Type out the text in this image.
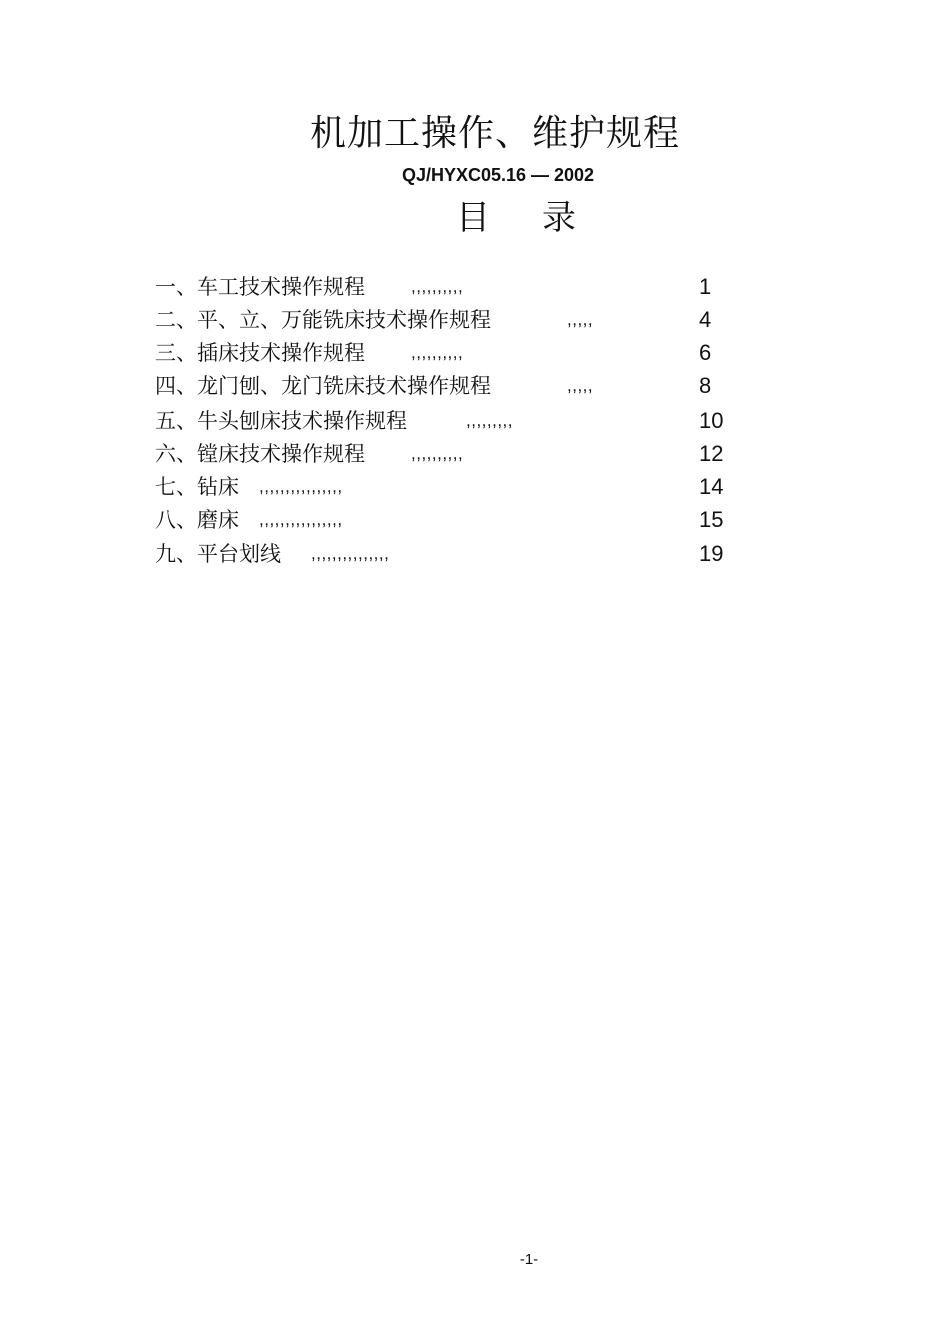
机加工操作、维护规程
QJ/HYXC05.16 — 2002
目录
一、车工技术操作规程	,,,,,,,,,,	1
二、平、立、万能铣床技术操作规程	,,,,,	4
三、插床技术操作规程	,,,,,,,,,,	6
四、龙门刨、龙门铣床技术操作规程	,,,,,	8
五、牛头刨床技术操作规程	,,,,,,,,,	10
六、镗床技术操作规程	,,,,,,,,,,	12
七、钻床 ,,,,,,,,,,,,,,,,	14
八、磨床 ,,,,,,,,,,,,,,,,	15
九、平台划线 ,,,,,,,,,,,,,,,	19
-1-
